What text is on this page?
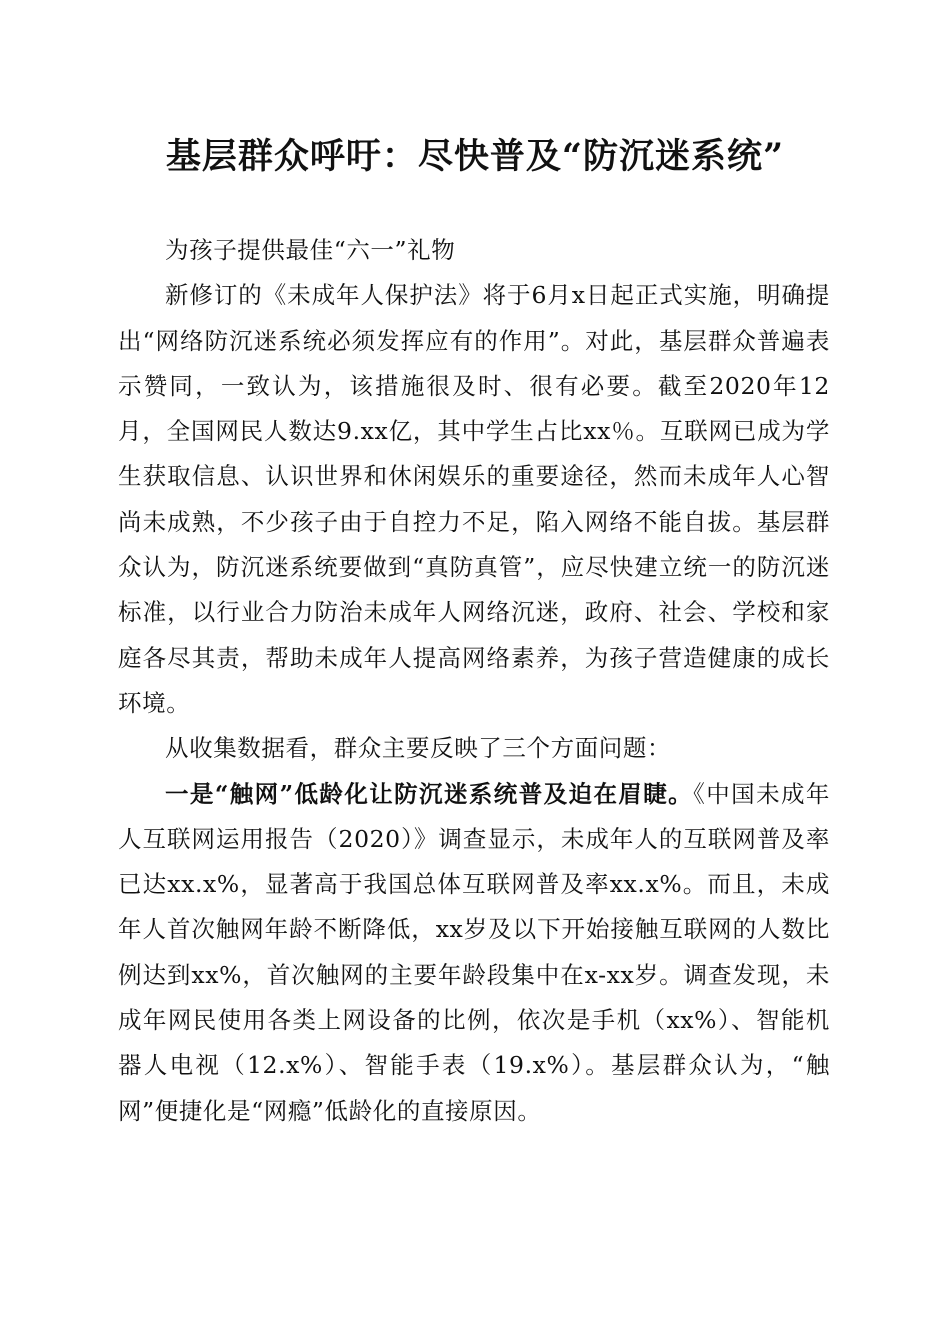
基层群众呼吁：尽快普及“防沉迷系统”

为孩子提供最佳“六一”礼物

新修订的《未成年人保护法》将于6月x日起正式实施，明确提出“网络防沉迷系统必须发挥应有的作用”。对此，基层群众普遍表示赞同，一致认为，该措施很及时、很有必要。截至2020年12月，全国网民人数达9.xx亿，其中学生占比xx％。互联网已成为学生获取信息、认识世界和休闲娱乐的重要途径，然而未成年人心智尚未成熟，不少孩子由于自控力不足，陷入网络不能自拔。基层群众认为，防沉迷系统要做到“真防真管”，应尽快建立统一的防沉迷标准，以行业合力防治未成年人网络沉迷，政府、社会、学校和家庭各尽其责，帮助未成年人提高网络素养，为孩子营造健康的成长环境。

从收集数据看，群众主要反映了三个方面问题：

一是“触网”低龄化让防沉迷系统普及迫在眉睫。《中国未成年人互联网运用报告（2020）》调查显示，未成年人的互联网普及率已达xx.x%，显著高于我国总体互联网普及率xx.x%。而且，未成年人首次触网年龄不断降低，xx岁及以下开始接触互联网的人数比例达到xx%，首次触网的主要年龄段集中在x-xx岁。调查发现，未成年网民使用各类上网设备的比例，依次是手机（xx%）、智能机器人电视（12.x%）、智能手表（19.x%）。基层群众认为，“触网”便捷化是“网瘾”低龄化的直接原因。
